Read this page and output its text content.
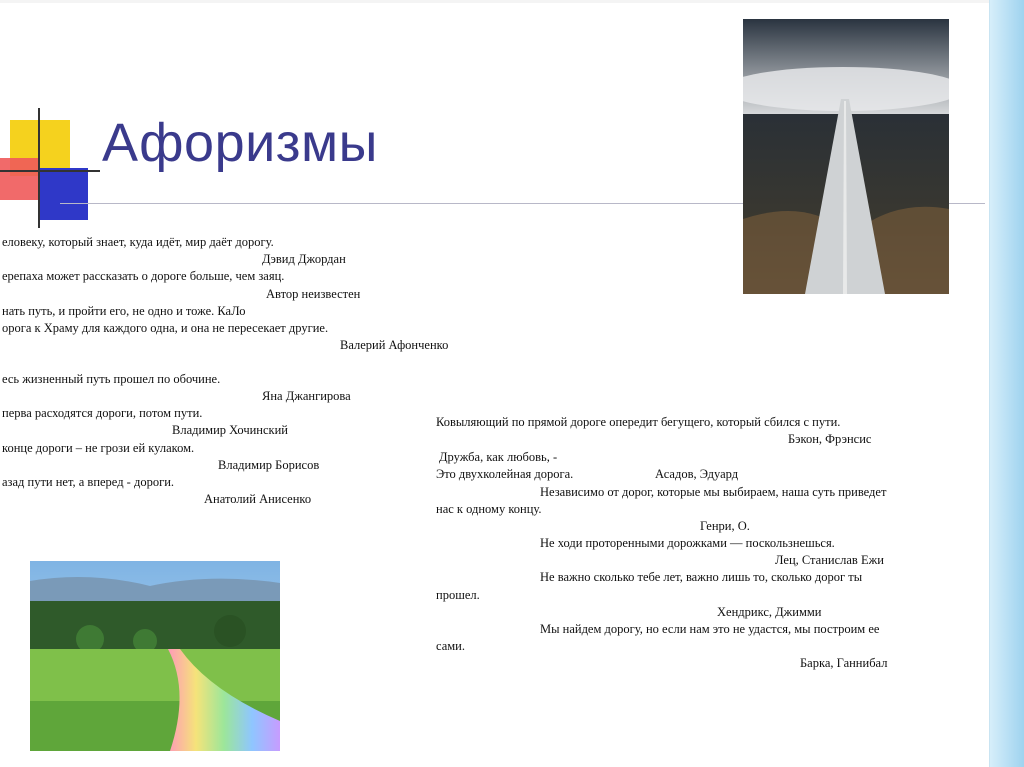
Афоризмы
еловеку, который знает, куда идёт, мир даёт дорогу.
Дэвид Джордан
ерепаха может рассказать о дороге больше, чем заяц.
Автор неизвестен
нать путь, и пройти его, не одно и тоже. КаЛо
орога к Храму для каждого одна, и она не пересекает другие.
Валерий Афонченко
есь жизненный путь прошел по обочине.
Яна Джангирова
перва расходятся дороги, потом пути.
Владимир Хочинский
конце дороги – не грози ей кулаком.
Владимир Борисов
азад пути нет, а вперед - дороги.
Анатолий Анисенко
Ковыляющий по прямой дороге опередит бегущего, который сбился с пути.
Бэкон, Фрэнсис
Дружба, как любовь, -
Это двухколейная дорога.	Асадов, Эдуард
Независимо от дорог, которые мы выбираем, наша суть приведет
нас к одному концу.
Генри, О.
Не ходи проторенными дорожками — поскользнешься.
Лец, Станислав Ежи
Не важно сколько тебе лет, важно лишь то, сколько дорог ты
прошел.
Хендрикс, Джимми
Мы найдем дорогу, но если нам это не удастся, мы построим ее
сами.
Барка, Ганнибал
